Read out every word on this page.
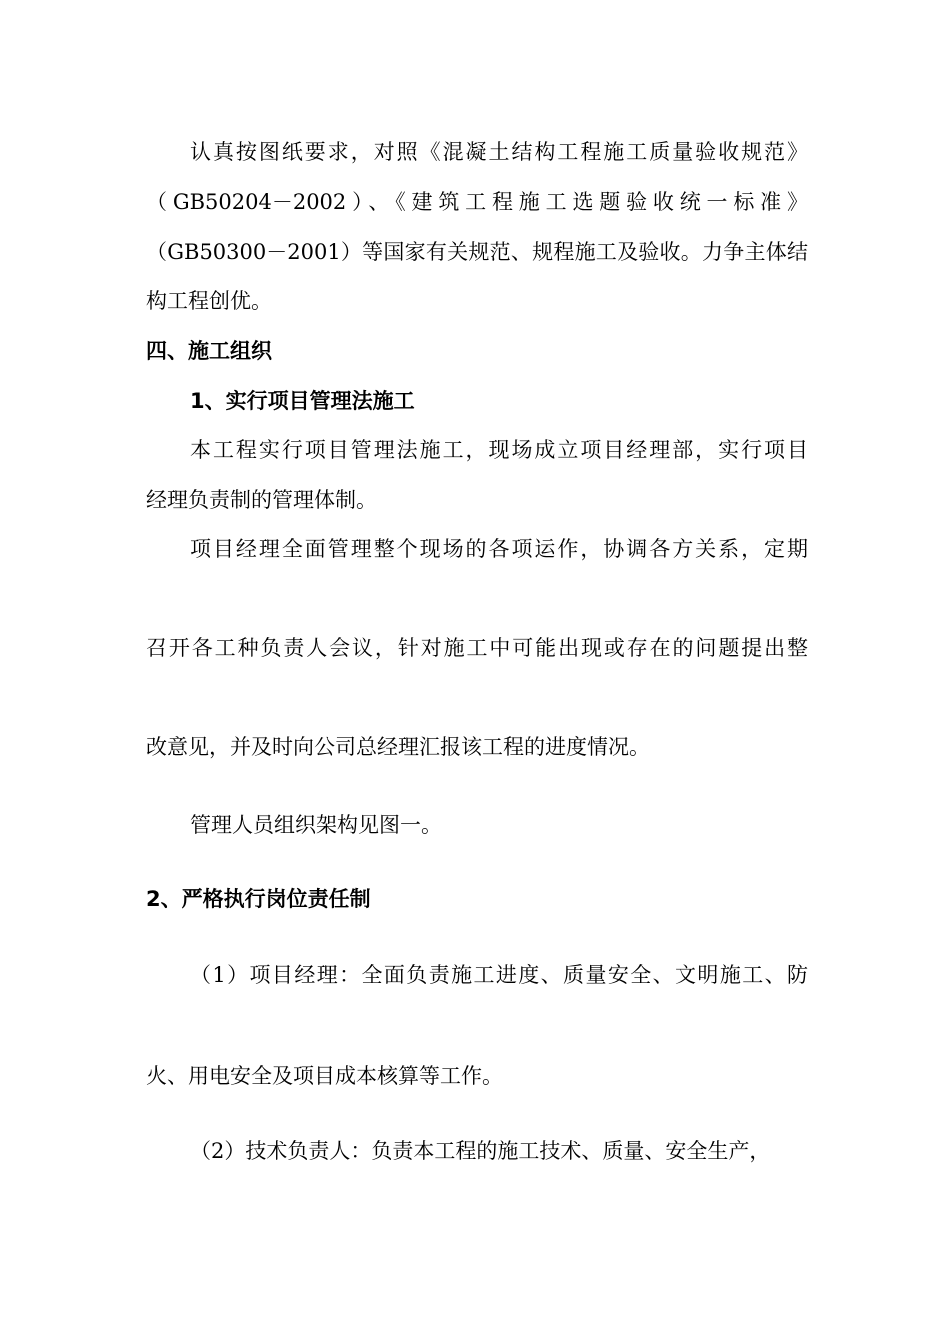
认真按图纸要求，对照《混凝土结构工程施工质量验收规范》
（GB50204－2002）、《建筑工程施工选题验收统一标准》
（GB50300－2001）等国家有关规范、规程施工及验收。力争主体结
构工程创优。
四、施工组织
1、实行项目管理法施工
本工程实行项目管理法施工，现场成立项目经理部，实行项目
经理负责制的管理体制。
项目经理全面管理整个现场的各项运作，协调各方关系，定期
召开各工种负责人会议，针对施工中可能出现或存在的问题提出整
改意见，并及时向公司总经理汇报该工程的进度情况。
管理人员组织架构见图一。
2、严格执行岗位责任制
（1）项目经理：全面负责施工进度、质量安全、文明施工、防
火、用电安全及项目成本核算等工作。
（2）技术负责人：负责本工程的施工技术、质量、安全生产，
